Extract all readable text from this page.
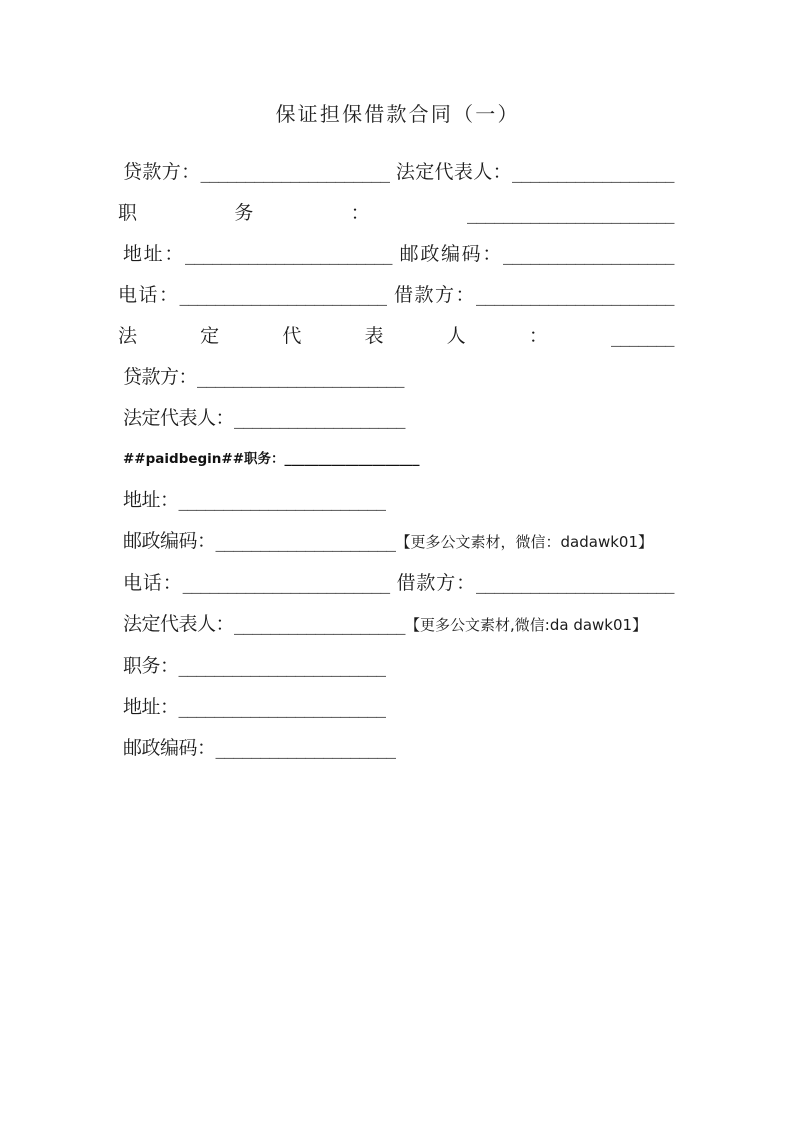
保证担保借款合同（一）

贷款方：_____________________ 法定代表人：__________________ 职务：_______________________

地址：_______________________ 邮政编码：___________________ 电话：_______________________ 借款方：______________________ 法定代表人：_______

贷款方：_______________________

法定代表人：___________________

##paidbegin##职务：____________________

地址：_______________________

邮政编码：____________________【更多公文素材，微信：dadawk01】

电话：_______________________ 借款方：______________________

法定代表人：___________________【更多公文素材,微信:da dawk01】

职务：_______________________

地址：_______________________

邮政编码：____________________
